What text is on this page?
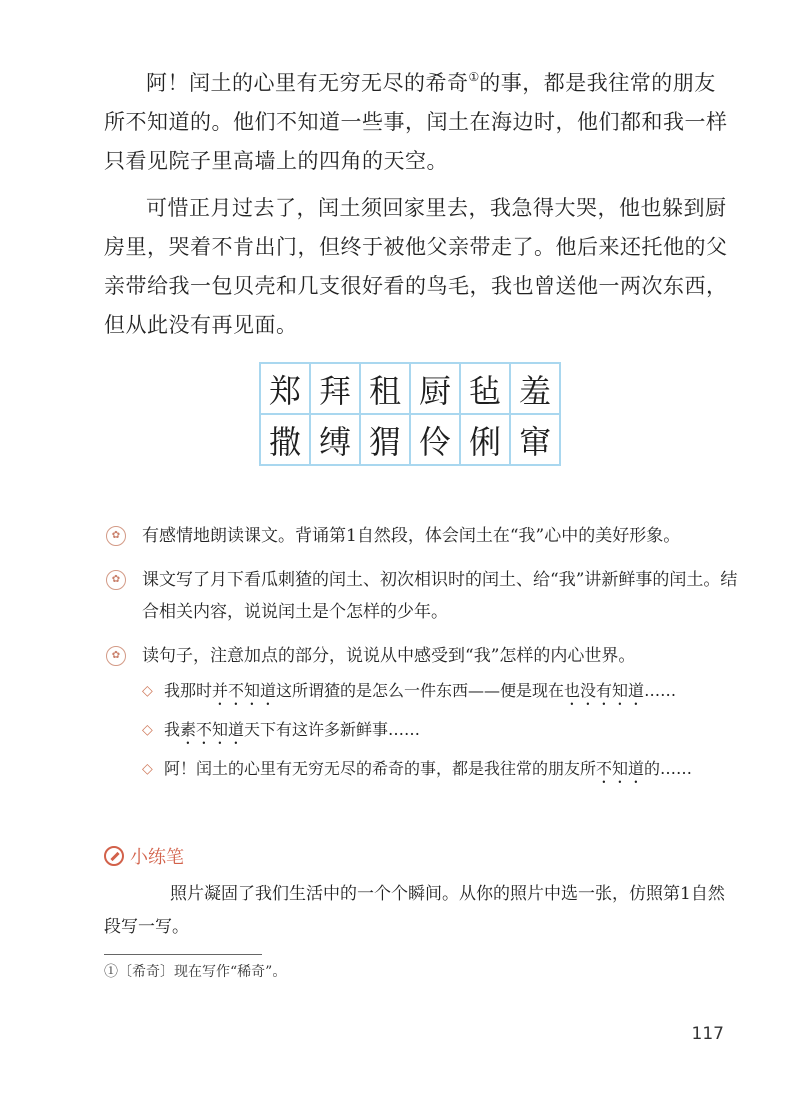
阿！闰土的心里有无穷无尽的希奇①的事，都是我往常的朋友所不知道的。他们不知道一些事，闰土在海边时，他们都和我一样只看见院子里高墙上的四角的天空。

可惜正月过去了，闰土须回家里去，我急得大哭，他也躲到厨房里，哭着不肯出门，但终于被他父亲带走了。他后来还托他的父亲带给我一包贝壳和几支很好看的鸟毛，我也曾送他一两次东西，但从此没有再见面。

郑	拜	租	厨	毡	羞
撒	缚	猬	伶	俐	窜
✿	有感情地朗读课文。背诵第1自然段，体会闰土在“我”心中的美好形象。
✿	课文写了月下看瓜刺猹的闰土、初次相识时的闰土、给“我”讲新鲜事的闰土。结合相关内容，说说闰土是个怎样的少年。
✿	读句子，注意加点的部分，说说从中感受到“我”怎样的内心世界。
◇ 我那时并不知道这所谓猹的是怎么一件东西——便是现在也没有知道……
◇ 我素不知道天下有这许多新鲜事……
◇ 阿！闰土的心里有无穷无尽的希奇的事，都是我往常的朋友所不知道的……
小练笔
照片凝固了我们生活中的一个个瞬间。从你的照片中选一张，仿照第1自然段写一写。
①〔希奇〕现在写作“稀奇”。
117
